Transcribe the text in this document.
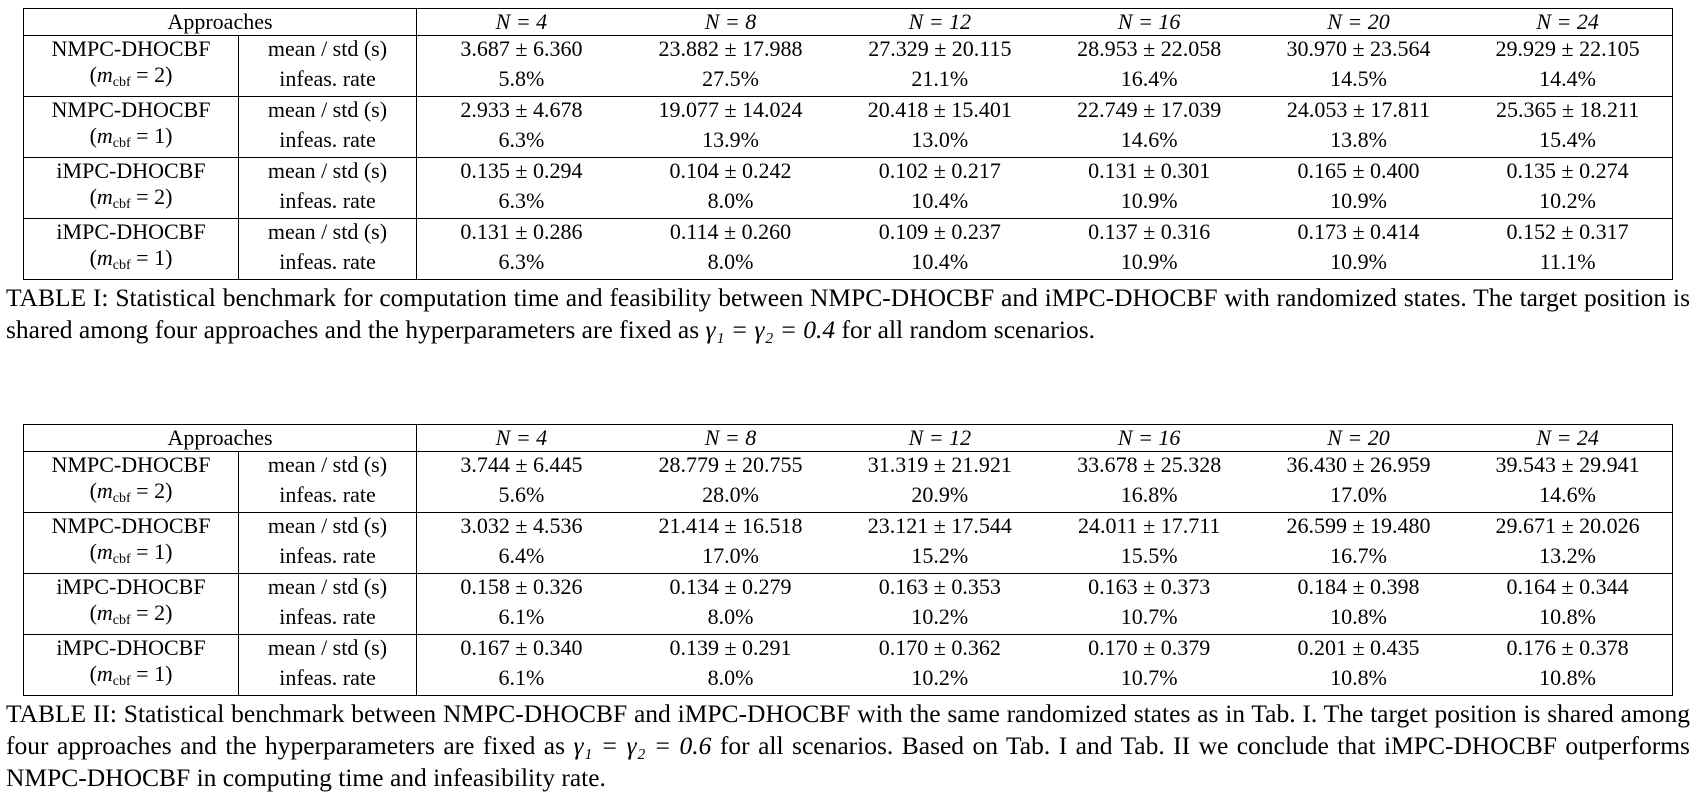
Approaches		N = 4	N = 8	N = 12	N = 16	N = 20	N = 24
NMPC-DHOCBF	mean / std (s)	3.687 ± 6.360	23.882 ± 17.988	27.329 ± 20.115	28.953 ± 22.058	30.970 ± 23.564	29.929 ± 22.105
$(m_{cbf} = 2)$	infeas. rate	5.8%	27.5%	21.1%	16.4%	14.5%	14.4%
NMPC-DHOCBF	mean / std (s)	2.933 ± 4.678	19.077 ± 14.024	20.418 ± 15.401	22.749 ± 17.039	24.053 ± 17.811	25.365 ± 18.211
$(m_{cbf} = 1)$	infeas. rate	6.3%	13.9%	13.0%	14.6%	13.8%	15.4%
iMPC-DHOCBF	mean / std (s)	0.135 ± 0.294	0.104 ± 0.242	0.102 ± 0.217	0.131 ± 0.301	0.165 ± 0.400	0.135 ± 0.274
$(m_{cbf} = 2)$	infeas. rate	6.3%	8.0%	10.4%	10.9%	10.9%	10.2%
iMPC-DHOCBF	mean / std (s)	0.131 ± 0.286	0.114 ± 0.260	0.109 ± 0.237	0.137 ± 0.316	0.173 ± 0.414	0.152 ± 0.317
$(m_{cbf} = 1)$	infeas. rate	6.3%	8.0%	10.4%	10.9%	10.9%	11.1%

TABLE I: Statistical benchmark for computation time and feasibility between NMPC-DHOCBF and iMPC-DHOCBF with randomized states. The target position is shared among four approaches and the hyperparameters are fixed as γ₁ = γ₂ = 0.4 for all random scenarios.

Approaches		N = 4	N = 8	N = 12	N = 16	N = 20	N = 24
NMPC-DHOCBF	mean / std (s)	3.744 ± 6.445	28.779 ± 20.755	31.319 ± 21.921	33.678 ± 25.328	36.430 ± 26.959	39.543 ± 29.941
$(m_{cbf} = 2)$	infeas. rate	5.6%	28.0%	20.9%	16.8%	17.0%	14.6%
NMPC-DHOCBF	mean / std (s)	3.032 ± 4.536	21.414 ± 16.518	23.121 ± 17.544	24.011 ± 17.711	26.599 ± 19.480	29.671 ± 20.026
$(m_{cbf} = 1)$	infeas. rate	6.4%	17.0%	15.2%	15.5%	16.7%	13.2%
iMPC-DHOCBF	mean / std (s)	0.158 ± 0.326	0.134 ± 0.279	0.163 ± 0.353	0.163 ± 0.373	0.184 ± 0.398	0.164 ± 0.344
$(m_{cbf} = 2)$	infeas. rate	6.1%	8.0%	10.2%	10.7%	10.8%	10.8%
iMPC-DHOCBF	mean / std (s)	0.167 ± 0.340	0.139 ± 0.291	0.170 ± 0.362	0.170 ± 0.379	0.201 ± 0.435	0.176 ± 0.378
$(m_{cbf} = 1)$	infeas. rate	6.1%	8.0%	10.2%	10.7%	10.8%	10.8%

TABLE II: Statistical benchmark between NMPC-DHOCBF and iMPC-DHOCBF with the same randomized states as in Tab. I. The target position is shared among four approaches and the hyperparameters are fixed as γ₁ = γ₂ = 0.6 for all scenarios. Based on Tab. I and Tab. II we conclude that iMPC-DHOCBF outperforms NMPC-DHOCBF in computing time and infeasibility rate.
